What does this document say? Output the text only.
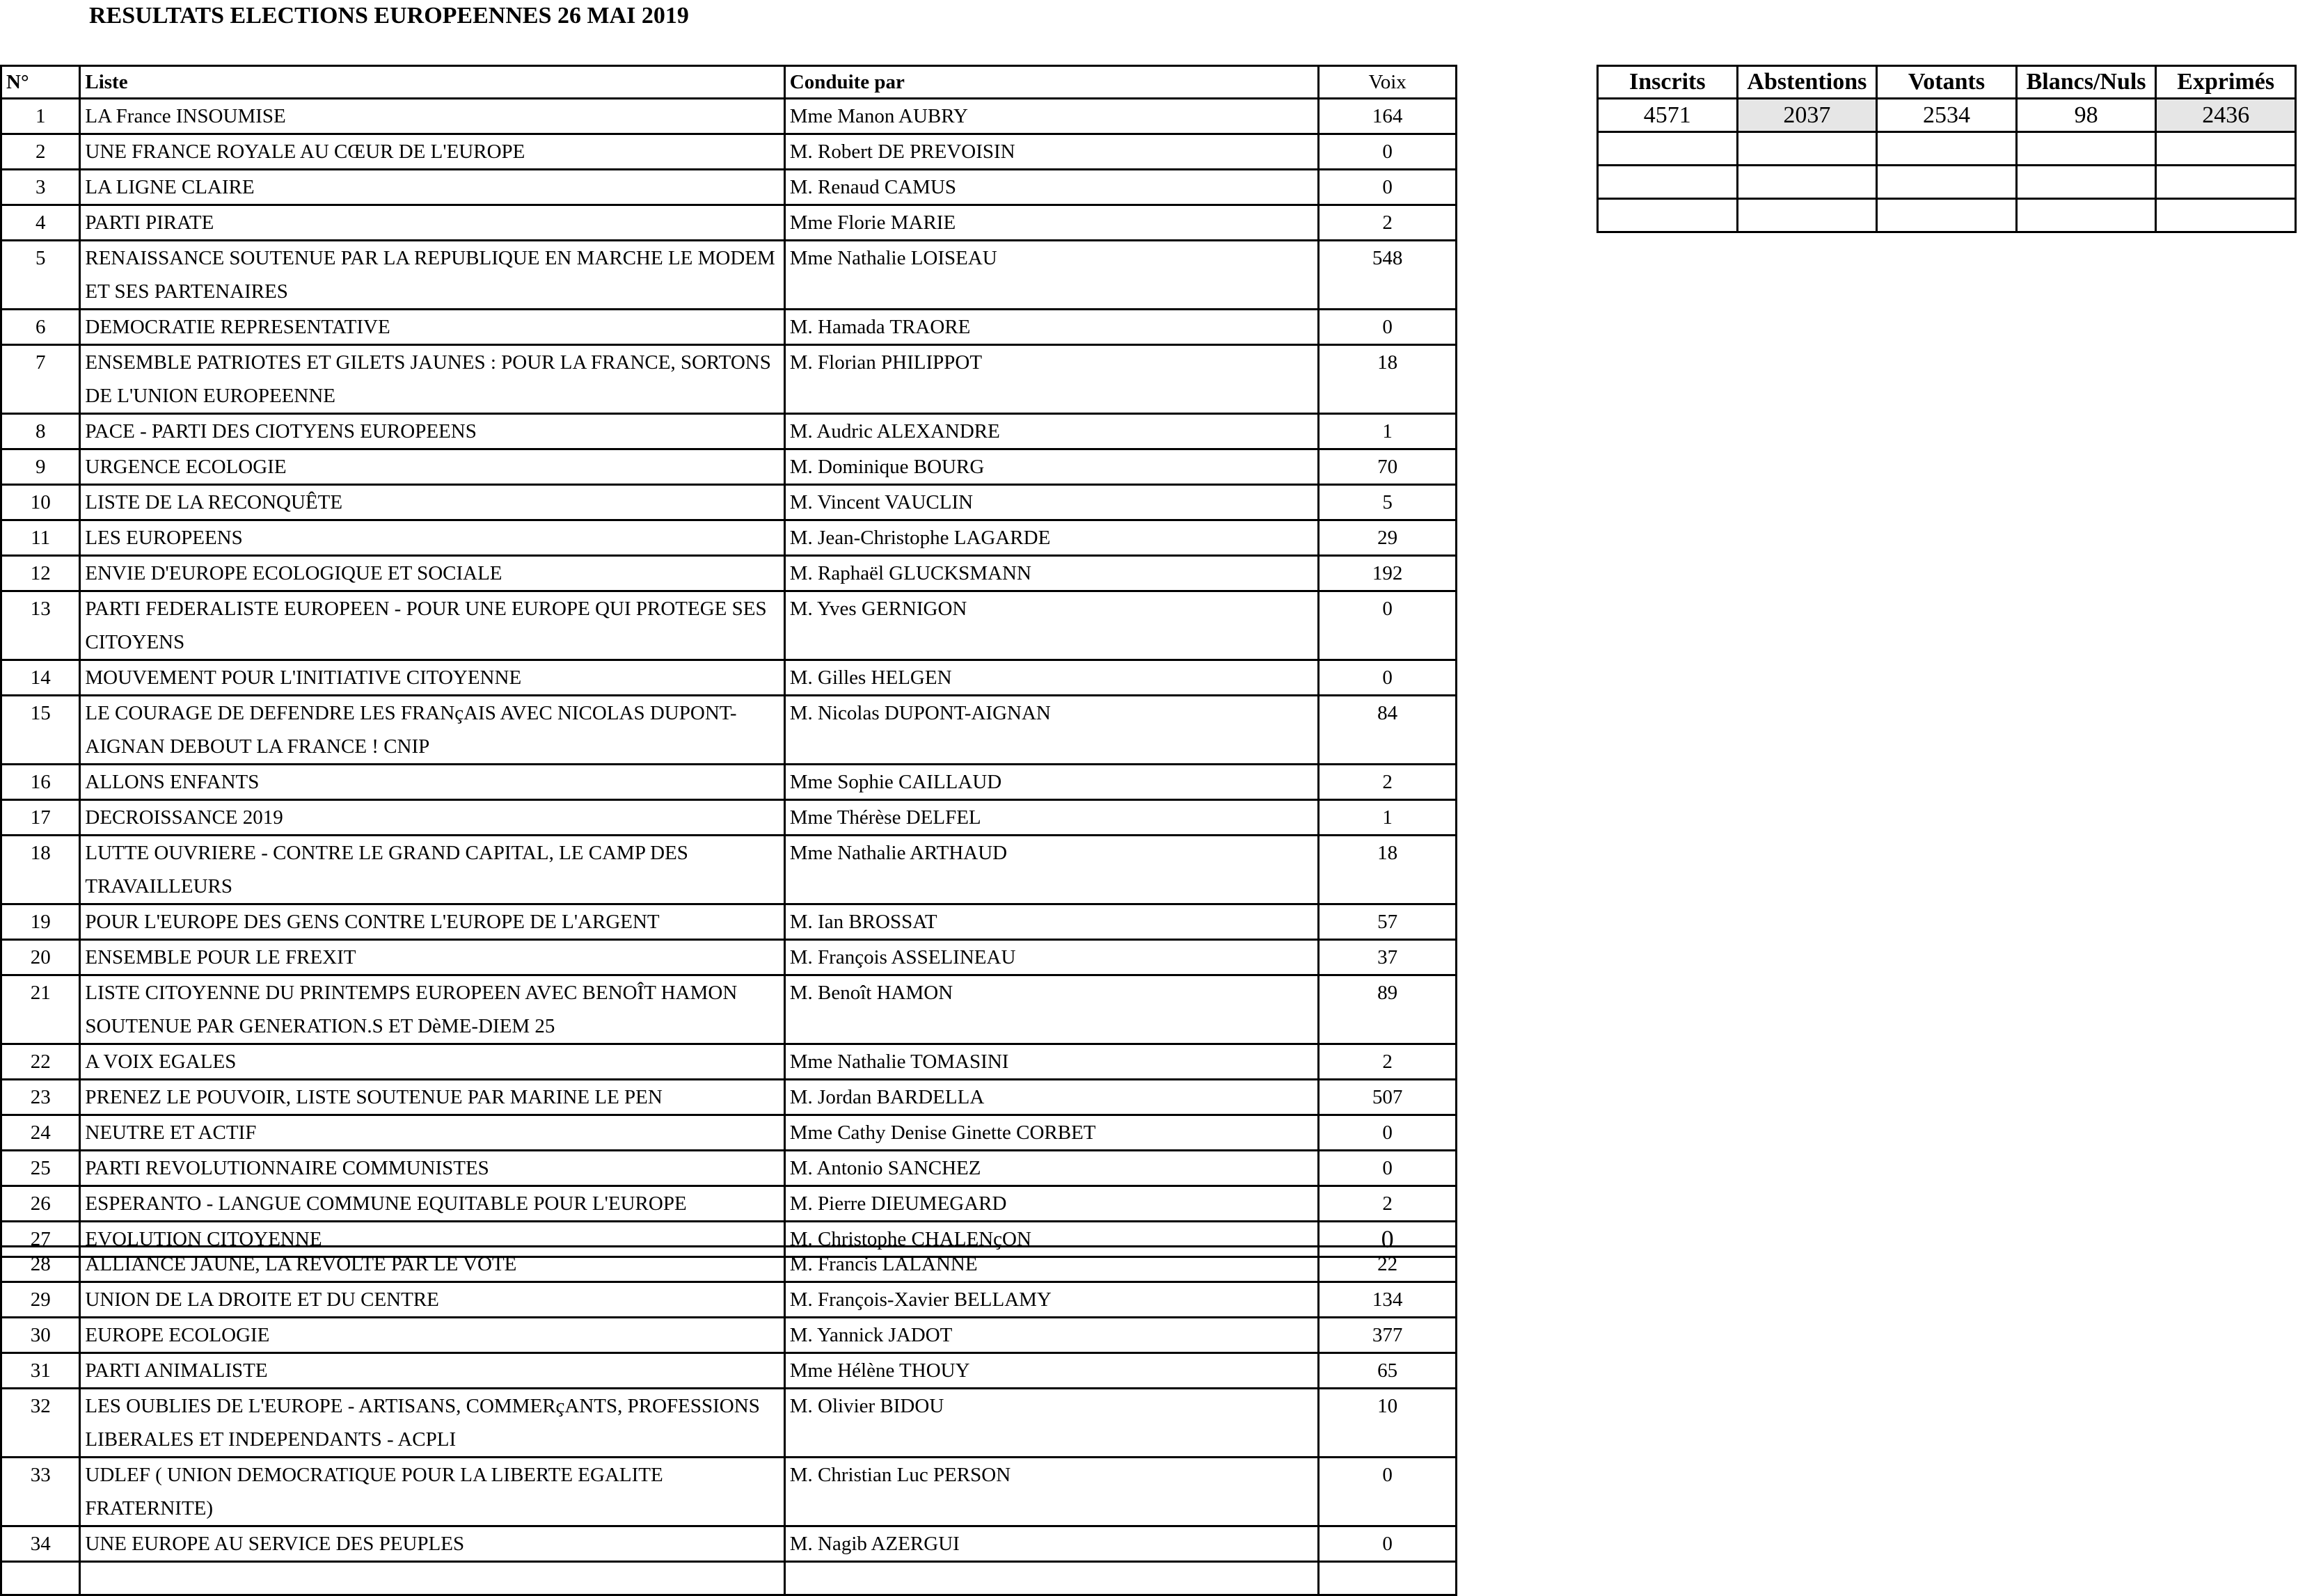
RESULTATS ELECTIONS EUROPEENNES 26 MAI 2019
N°	Liste	Conduite par	Voix
1	LA France INSOUMISE	Mme Manon AUBRY	164
2	UNE FRANCE ROYALE AU CŒUR DE L'EUROPE	M. Robert DE PREVOISIN	0
3	LA LIGNE CLAIRE	M. Renaud CAMUS	0
4	PARTI PIRATE	Mme Florie MARIE	2
5	RENAISSANCE SOUTENUE PAR LA REPUBLIQUE EN MARCHE LE MODEM ET SES PARTENAIRES	Mme Nathalie LOISEAU	548
6	DEMOCRATIE REPRESENTATIVE	M. Hamada TRAORE	0
7	ENSEMBLE PATRIOTES ET GILETS JAUNES : POUR LA FRANCE, SORTONS DE L'UNION EUROPEENNE	M. Florian PHILIPPOT	18
8	PACE - PARTI DES CIOTYENS EUROPEENS	M. Audric ALEXANDRE	1
9	URGENCE ECOLOGIE	M. Dominique BOURG	70
10	LISTE DE LA RECONQUÊTE	M. Vincent VAUCLIN	5
11	LES EUROPEENS	M. Jean-Christophe LAGARDE	29
12	ENVIE D'EUROPE ECOLOGIQUE ET SOCIALE	M. Raphaël GLUCKSMANN	192
13	PARTI FEDERALISTE EUROPEEN - POUR UNE EUROPE QUI PROTEGE SES CITOYENS	M. Yves GERNIGON	0
14	MOUVEMENT POUR L'INITIATIVE CITOYENNE	M. Gilles HELGEN	0
15	LE COURAGE DE DEFENDRE LES FRANçAIS AVEC NICOLAS DUPONT-AIGNAN DEBOUT LA FRANCE ! CNIP	M. Nicolas DUPONT-AIGNAN	84
16	ALLONS ENFANTS	Mme Sophie CAILLAUD	2
17	DECROISSANCE 2019	Mme Thérèse DELFEL	1
18	LUTTE OUVRIERE - CONTRE LE GRAND CAPITAL, LE CAMP DES TRAVAILLEURS	Mme Nathalie ARTHAUD	18
19	POUR L'EUROPE DES GENS CONTRE L'EUROPE DE L'ARGENT	M. Ian BROSSAT	57
20	ENSEMBLE POUR LE FREXIT	M. François ASSELINEAU	37
21	LISTE CITOYENNE DU PRINTEMPS EUROPEEN AVEC BENOÎT HAMON SOUTENUE PAR GENERATION.S ET DèME-DIEM 25	M. Benoît HAMON	89
22	A VOIX EGALES	Mme Nathalie TOMASINI	2
23	PRENEZ LE POUVOIR, LISTE SOUTENUE PAR MARINE LE PEN	M. Jordan BARDELLA	507
24	NEUTRE ET ACTIF	Mme Cathy Denise Ginette CORBET	0
25	PARTI REVOLUTIONNAIRE COMMUNISTES	M. Antonio SANCHEZ	0
26	ESPERANTO - LANGUE COMMUNE EQUITABLE POUR L'EUROPE	M. Pierre DIEUMEGARD	2
27	EVOLUTION CITOYENNE	M. Christophe CHALENçON	0
28	ALLIANCE JAUNE, LA REVOLTE PAR LE VOTE	M. Francis LALANNE	22
29	UNION DE LA DROITE ET DU CENTRE	M. François-Xavier BELLAMY	134
30	EUROPE ECOLOGIE	M. Yannick JADOT	377
31	PARTI ANIMALISTE	Mme Hélène THOUY	65
32	LES OUBLIES DE L'EUROPE - ARTISANS, COMMERçANTS, PROFESSIONS LIBERALES ET INDEPENDANTS - ACPLI	M. Olivier BIDOU	10
33	UDLEF ( UNION DEMOCRATIQUE POUR LA LIBERTE EGALITE FRATERNITE)	M. Christian Luc PERSON	0
34	UNE EUROPE AU SERVICE DES PEUPLES	M. Nagib AZERGUI	0

Inscrits	Abstentions	Votants	Blancs/Nuls	Exprimés
4571	2037	2534	98	2436
